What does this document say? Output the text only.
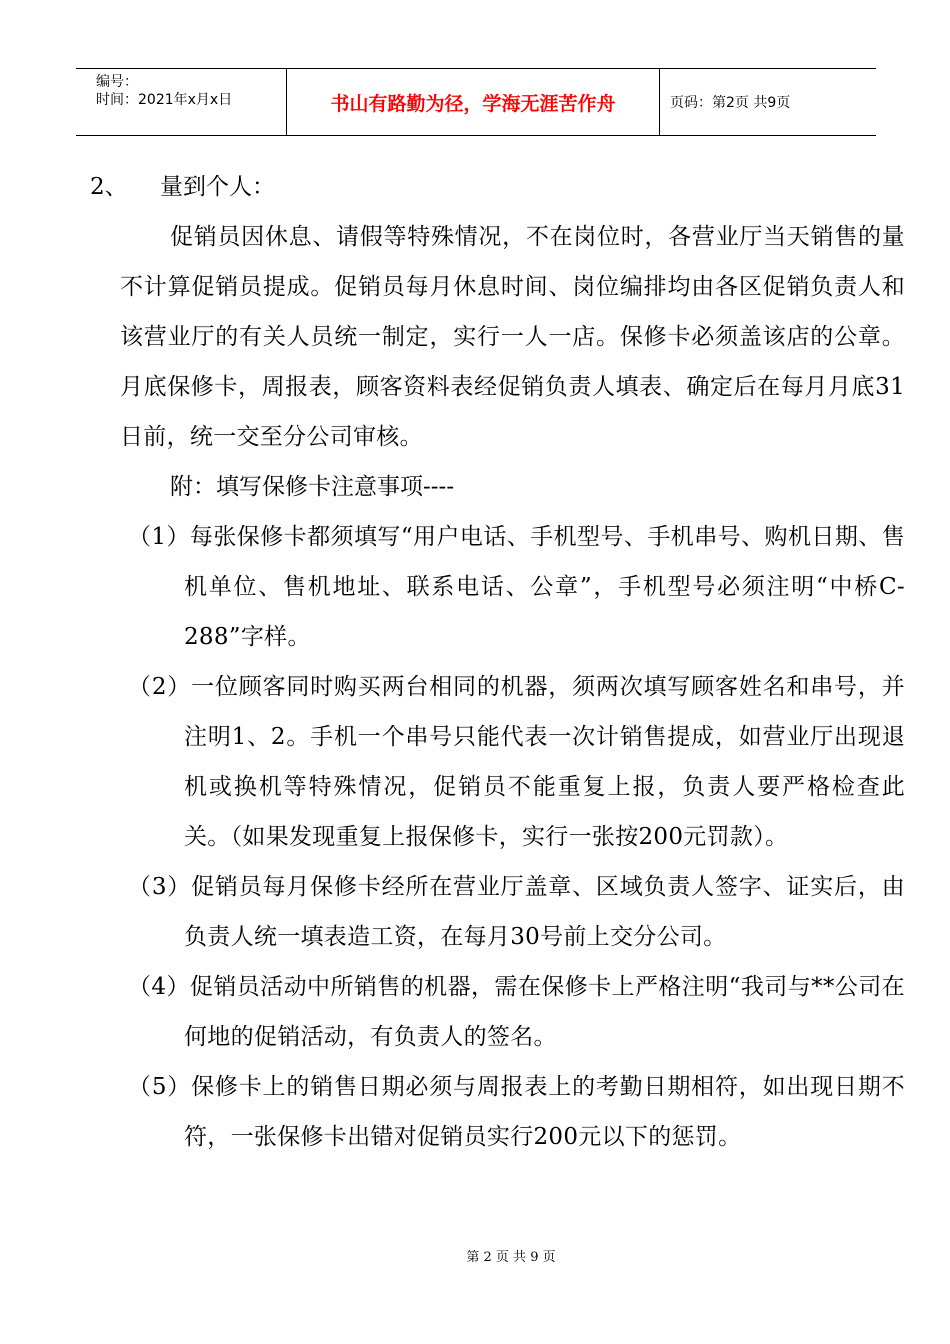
编号：
时间：2021年x月x日	书山有路勤为径，学海无涯苦作舟	页码：第2页 共9页

2、	量到个人：

促销员因休息、请假等特殊情况，不在岗位时，各营业厅当天销售的量不计算促销员提成。促销员每月休息时间、岗位编排均由各区促销负责人和该营业厅的有关人员统一制定，实行一人一店。保修卡必须盖该店的公章。月底保修卡，周报表，顾客资料表经促销负责人填表、确定后在每月月底31日前，统一交至分公司审核。

附：填写保修卡注意事项----

（1）每张保修卡都须填写“用户电话、手机型号、手机串号、购机日期、售机单位、售机地址、联系电话、公章”，手机型号必须注明“中桥C-288”字样。

（2）一位顾客同时购买两台相同的机器，须两次填写顾客姓名和串号，并注明1、2。手机一个串号只能代表一次计销售提成，如营业厅出现退机或换机等特殊情况，促销员不能重复上报，负责人要严格检查此关。（如果发现重复上报保修卡，实行一张按200元罚款）。

（3）促销员每月保修卡经所在营业厅盖章、区域负责人签字、证实后，由负责人统一填表造工资，在每月30号前上交分公司。

（4）促销员活动中所销售的机器，需在保修卡上严格注明“我司与**公司在何地的促销活动，有负责人的签名。

（5）保修卡上的销售日期必须与周报表上的考勤日期相符，如出现日期不符，一张保修卡出错对促销员实行200元以下的惩罚。

第 2 页 共 9 页
